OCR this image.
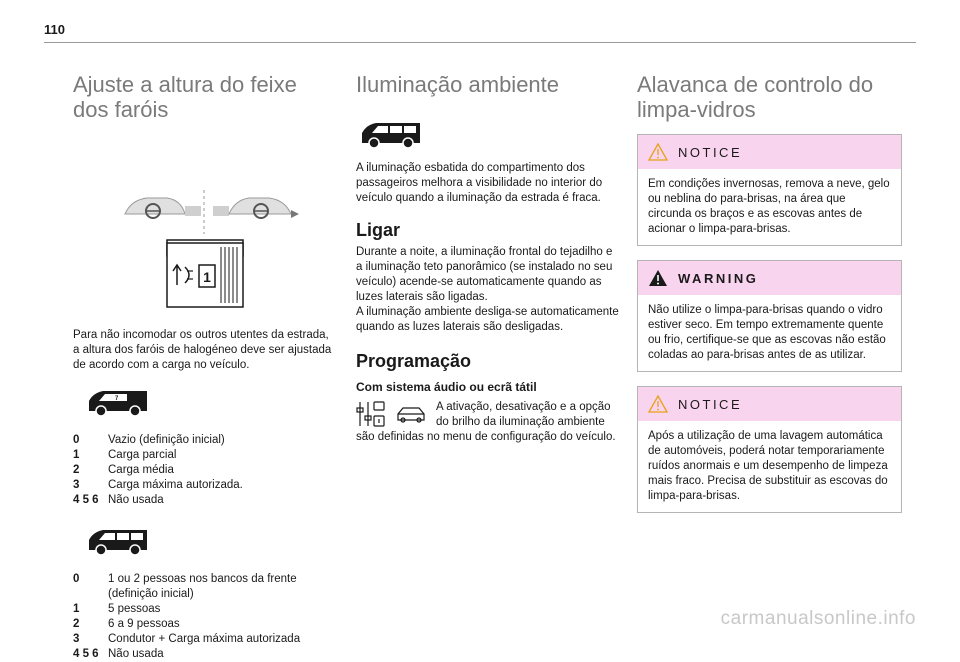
110
Ajuste a altura do feixe
dos faróis

1

Para não incomodar os outros utentes da estrada, a altura dos faróis de halogéneo deve ser ajustada de acordo com a carga no veículo.

7
0	Vazio (definição inicial)
1	Carga parcial
2	Carga média
3	Carga máxima autorizada.
4 5 6 Não usada
0	1 ou 2 pessoas nos bancos da frente (definição inicial)
1	5 pessoas
2	6 a 9 pessoas
3	Condutor + Carga máxima autorizada
4 5 6 Não usada
Iluminação ambiente

A iluminação esbatida do compartimento dos passageiros melhora a visibilidade no interior do veículo quando a iluminação da estrada é fraca.

Ligar

Durante a noite, a iluminação frontal do tejadilho e a iluminação teto panorâmico (se instalado no seu veículo) acende-se automaticamente quando as luzes laterais são ligadas.

A iluminação ambiente desliga-se automaticamente quando as luzes laterais são desligadas.

Programação
Com sistema áudio ou ecrã tátil

A ativação, desativação e a opção do brilho da iluminação ambiente

são definidas no menu de configuração do veículo.

Alavanca de controlo do
limpa-vidros
NOTICE
Em condições invernosas, remova a neve, gelo ou neblina do para-brisas, na área que circunda os braços e as escovas antes de acionar o limpa-para-brisas.
WARNING
Não utilize o limpa-para-brisas quando o vidro estiver seco. Em tempo extremamente quente ou frio, certifique-se que as escovas não estão coladas ao para-brisas antes de as utilizar.
NOTICE
Após a utilização de uma lavagem automática de automóveis, poderá notar temporariamente ruídos anormais e um desempenho de limpeza mais fraco. Precisa de substituir as escovas do limpa-para-brisas.
carmanualsonline.info
